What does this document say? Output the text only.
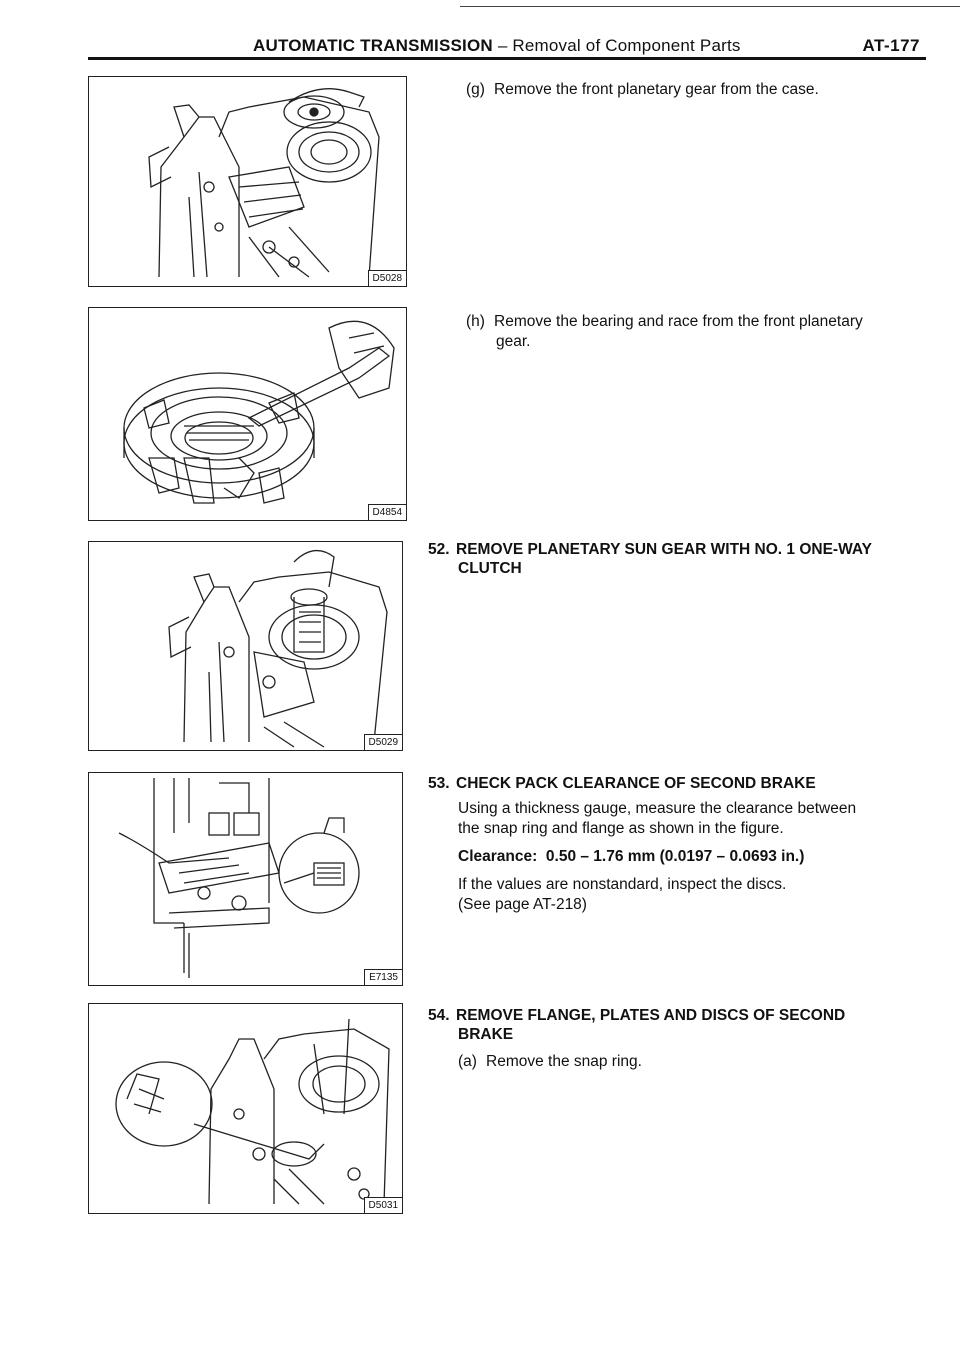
AUTOMATIC TRANSMISSION – Removal of Component Parts	AT-177
D5028
D4854
D5029
E7135
D5031
(g) Remove the front planetary gear from the case.

(h) Remove the bearing and race from the front planetary

gear.

52. REMOVE PLANETARY SUN GEAR WITH NO. 1 ONE-WAY

CLUTCH

53. CHECK PACK CLEARANCE OF SECOND BRAKE

Using a thickness gauge, measure the clearance between

the snap ring and flange as shown in the figure.

Clearance: 0.50 – 1.76 mm (0.0197 – 0.0693 in.)

If the values are nonstandard, inspect the discs.

(See page AT-218)

54. REMOVE FLANGE, PLATES AND DISCS OF SECOND

BRAKE

(a) Remove the snap ring.
